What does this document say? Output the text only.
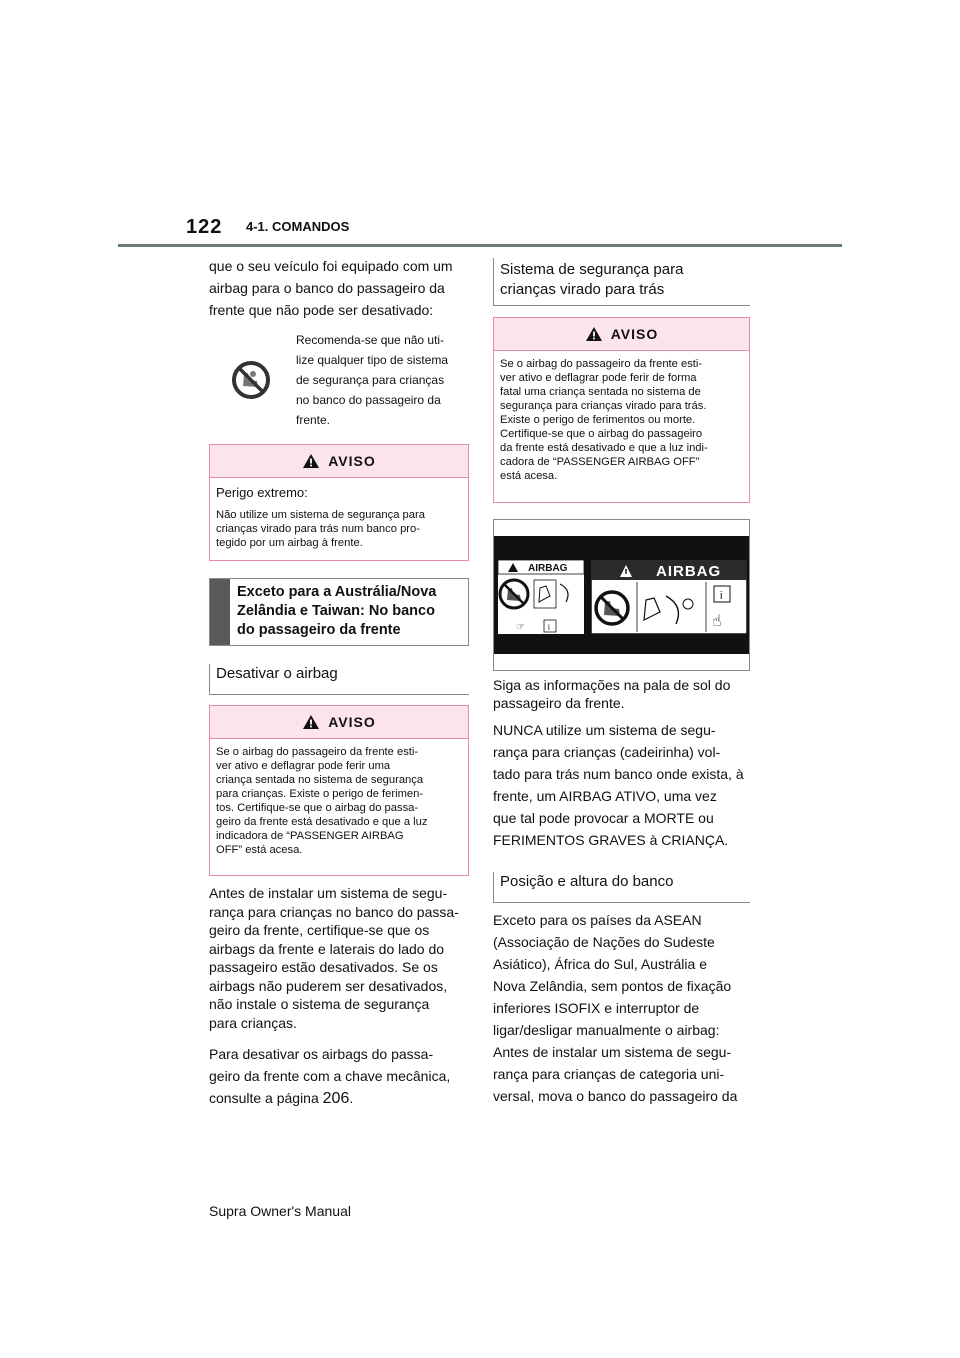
122 4-1. COMANDOS

que o seu veículo foi equipado com um

airbag para o banco do passageiro da

frente que não pode ser desativado:

Recomenda-se que não uti-
lize qualquer tipo de sistema
de segurança para crianças
no banco do passageiro da
frente.
AVISO
Perigo extremo:
Não utilize um sistema de segurança para
crianças virado para trás num banco pro-
tegido por um airbag à frente.
Exceto para a Austrália/Nova
Zelândia e Taiwan: No banco
do passageiro da frente
Desativar o airbag
AVISO
Se o airbag do passageiro da frente esti-
ver ativo e deflagrar pode ferir uma
criança sentada no sistema de segurança
para crianças. Existe o perigo de ferimen-
tos. Certifique-se que o airbag do passa-
geiro da frente está desativado e que a luz
indicadora de “PASSENGER AIRBAG
OFF” está acesa.

Antes de instalar um sistema de segu-

rança para crianças no banco do passa-

geiro da frente, certifique-se que os

airbags da frente e laterais do lado do

passageiro estão desativados. Se os

airbags não puderem ser desativados,

não instale o sistema de segurança

para crianças.

Para desativar os airbags do passa-

geiro da frente com a chave mecânica,

consulte a página 206.

Sistema de segurança para
crianças virado para trás
AVISO
Se o airbag do passageiro da frente esti-
ver ativo e deflagrar pode ferir de forma
fatal uma criança sentada no sistema de
segurança para crianças virado para trás.
Existe o perigo de ferimentos ou morte.
Certifique-se que o airbag do passageiro
da frente está desativado e que a luz indi-
cadora de “PASSENGER AIRBAG OFF”
está acesa.
AIRBAG
☞	i
AIRBAG
i
☝

Siga as informações na pala de sol do

passageiro da frente.

NUNCA utilize um sistema de segu-

rança para crianças (cadeirinha) vol-

tado para trás num banco onde exista, à

frente, um AIRBAG ATIVO, uma vez

que tal pode provocar a MORTE ou

FERIMENTOS GRAVES à CRIANÇA.

Posição e altura do banco

Exceto para os países da ASEAN

(Associação de Nações do Sudeste

Asiático), África do Sul, Austrália e

Nova Zelândia, sem pontos de fixação

inferiores ISOFIX e interruptor de

ligar/desligar manualmente o airbag:

Antes de instalar um sistema de segu-

rança para crianças de categoria uni-

versal, mova o banco do passageiro da

Supra Owner's Manual
